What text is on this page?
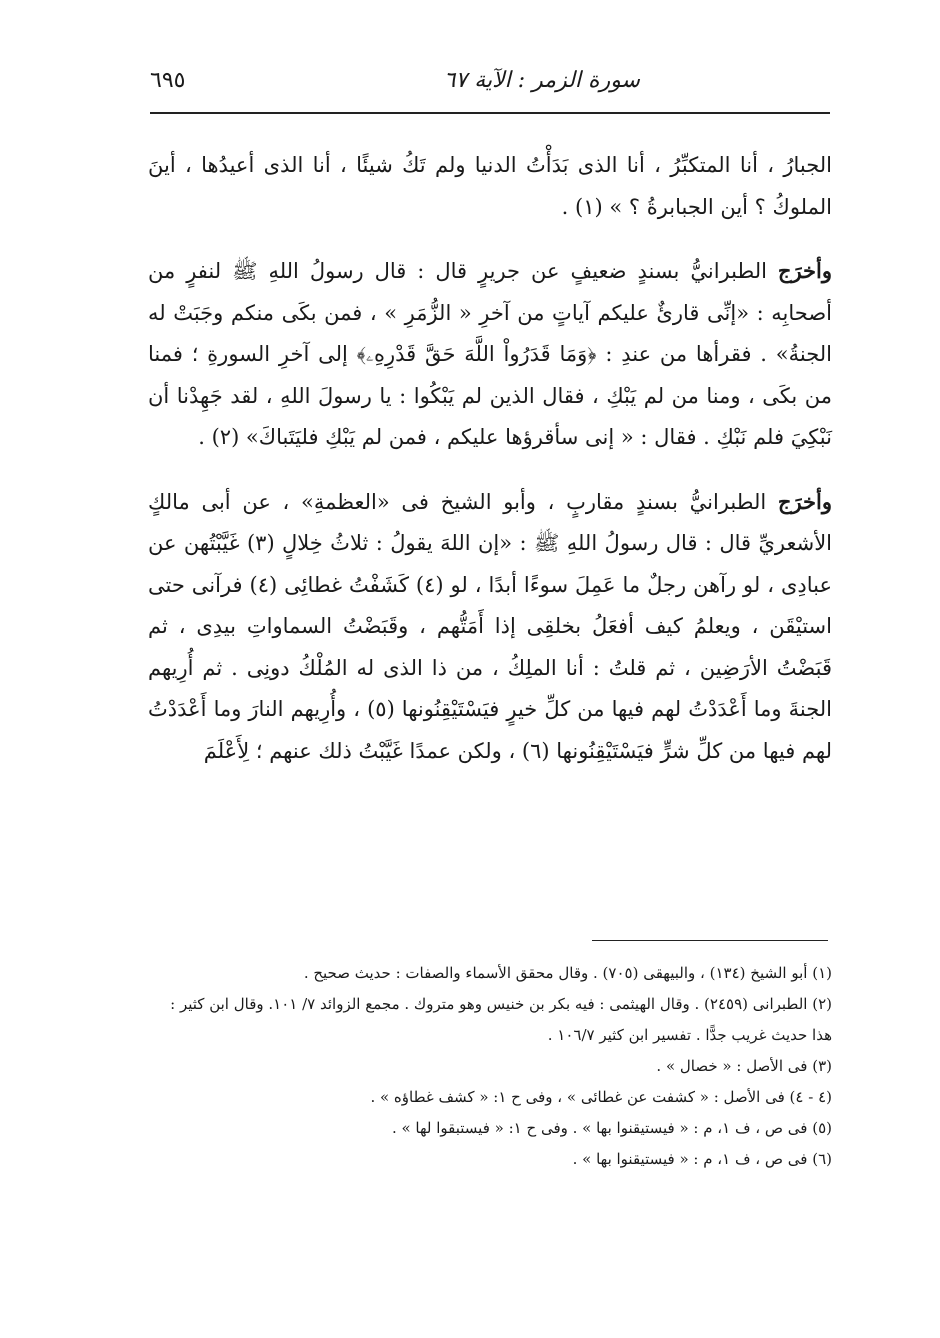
سورة الزمر : الآية ٦٧
٦٩٥

الجبارُ ، أنا المتكبِّرُ ، أنا الذى بَدَأْتُ الدنيا ولم تَكُ شيئًا ، أنا الذى أعيدُها ، أينَ الملوكُ ؟ أين الجبابرةُ ؟ » (١) .

وأخرَج الطبرانيُّ بسندٍ ضعيفٍ عن جريرٍ قال : قال رسولُ اللهِ ﷺ لنفرٍ من أصحابِه : «إنِّى قارئٌ عليكم آياتٍ من آخرِ « الزُّمَرِ » ، فمن بكَى منكم وجَبَتْ له الجنةُ» . فقرأها من عندِ : ﴿وَمَا قَدَرُواْ اللَّهَ حَقَّ قَدْرِهِۦ﴾ إلى آخرِ السورةِ ؛ فمنا من بكَى ، ومنا من لم يَبْكِ ، فقال الذين لم يَبْكُوا : يا رسولَ اللهِ ، لقد جَهِدْنا أن نَبْكِيَ فلم نَبْكِ . فقال : « إنى سأقرؤها عليكم ، فمن لم يَبْكِ فليَتَباكَ» (٢) .

وأخرَج الطبرانيُّ بسندٍ مقاربٍ ، وأبو الشيخ فى «العظمةِ» ، عن أبى مالكٍ الأشعريِّ قال : قال رسولُ اللهِ ﷺ : «إن اللهَ يقولُ : ثلاثُ خِلالٍ (٣) غَيَّبْتُهن عن عبادِى ، لو رآهن رجلٌ ما عَمِلَ سوءًا أبدًا ، لو (٤) كَشَفْتُ غطائِى (٤) فرآنى حتى استيْقَن ، ويعلمُ كيف أفعَلُ بخلقِى إذا أَمَتُّهم ، وقَبَضْتُ السماواتِ بيدِى ، ثم قَبَضْتُ الأرَضِين ، ثم قلتُ : أنا الملِكُ ، من ذا الذى له المُلْكُ دونِى . ثم أُرِيهم الجنةَ وما أَعْدَدْتُ لهم فيها من كلِّ خيرٍ فيَسْتَيْقِنُونها (٥) ، وأُرِيهم النارَ وما أَعْدَدْتُ لهم فيها من كلِّ شرٍّ فيَسْتَيْقِنُونها (٦) ، ولكن عمدًا غَيَّبْتُ ذلك عنهم ؛ لِأَعْلَمَ

(١) أبو الشيخ (١٣٤) ، والبيهقى (٧٠٥) . وقال محقق الأسماء والصفات : حديث صحيح .

(٢) الطبرانى (٢٤٥٩) . وقال الهيثمى : فيه بكر بن خنيس وهو متروك . مجمع الزوائد ٧/ ١٠١. وقال ابن كثير : هذا حديث غريب جدًّا . تفسير ابن كثير ١٠٦/٧ .

(٣) فى الأصل : « خصال » .

(٤ - ٤) فى الأصل : « كشفت عن غطائى » ، وفى ح ١: « كشف غطاؤه » .

(٥) فى ص ، ف ١، م : « فيستيقنوا بها » . وفى ح ١: « فيستبقوا لها » .

(٦) فى ص ، ف ١، م : « فيستيقنوا بها » .
